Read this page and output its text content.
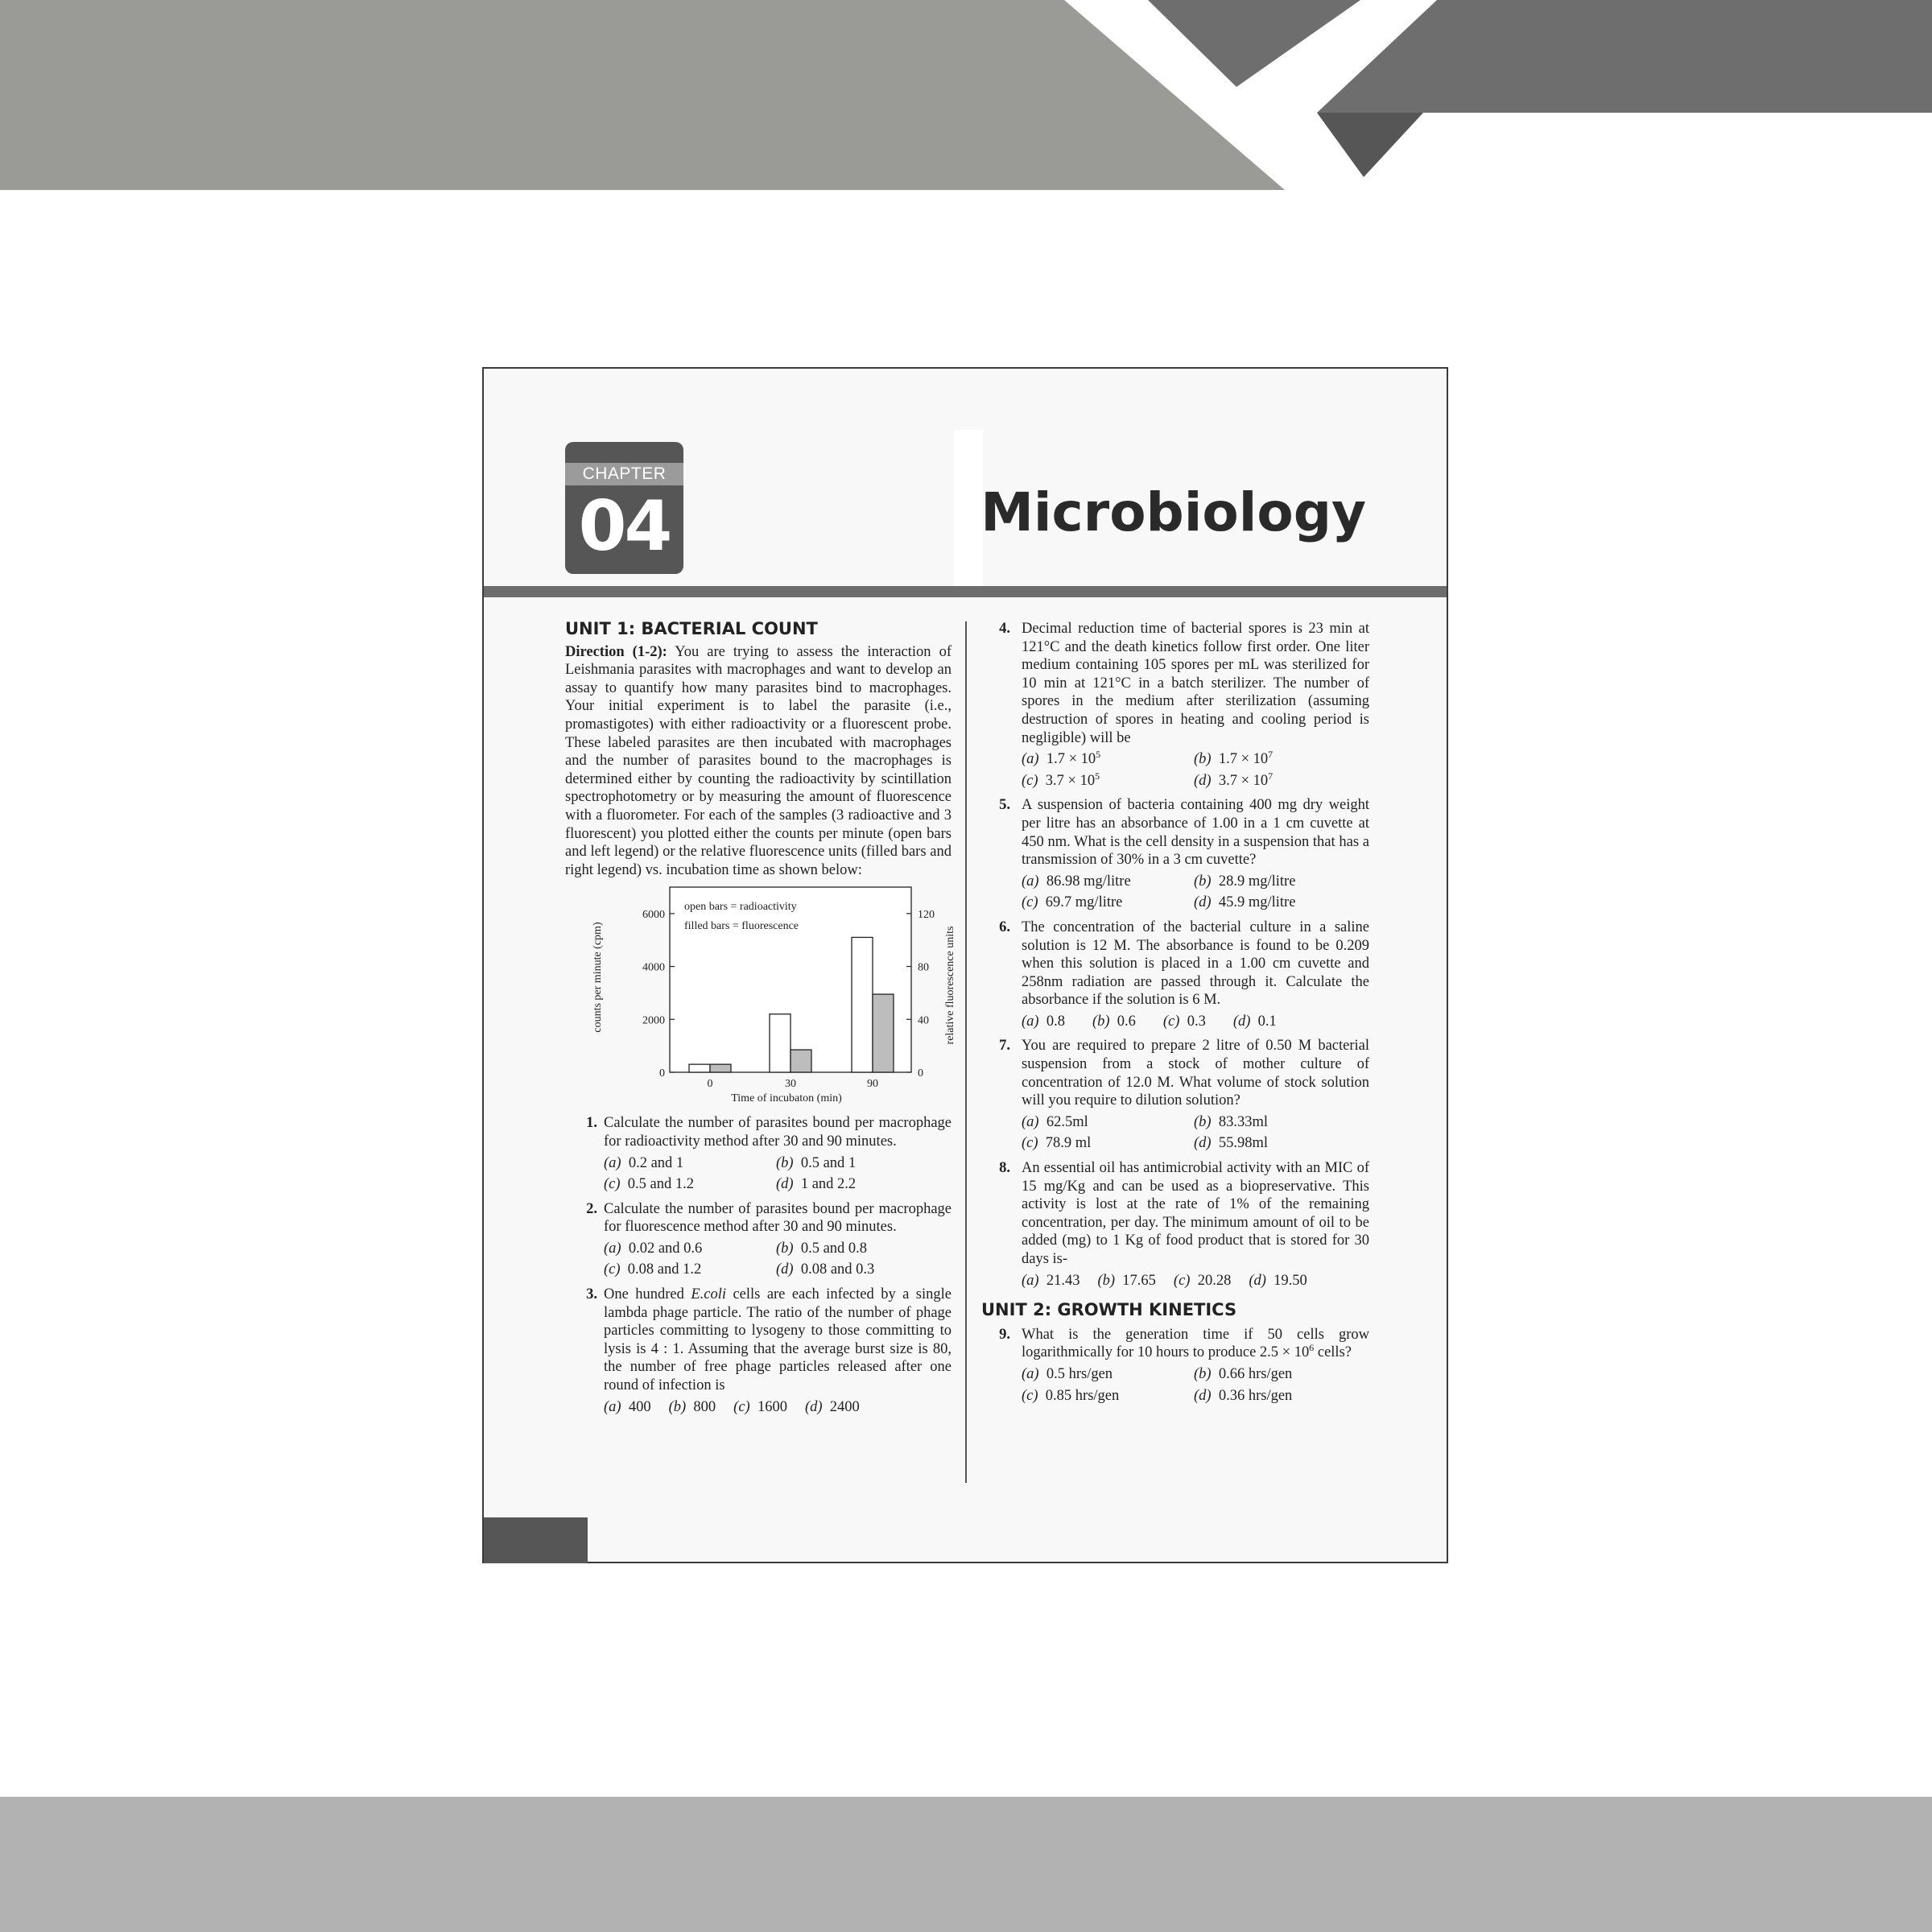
CHAPTER
04	Microbiology
UNIT 1: BACTERIAL COUNT

Direction (1-2): You are trying to assess the interaction of Leishmania parasites with macrophages and want to develop an assay to quantify how many parasites bind to macrophages. Your initial experiment is to label the parasite (i.e., promastigotes) with either radioactivity or a fluorescent probe. These labeled parasites are then incubated with macrophages and the number of parasites bound to the macrophages is determined either by counting the radioactivity by scintillation spectrophotometry or by measuring the amount of fluorescence with a fluorometer. For each of the samples (3 radioactive and 3 fluorescent) you plotted either the counts per minute (open bars and left legend) or the relative fluorescence units (filled bars and right legend) vs. incubation time as shown below:

0	30	90
0
2000
4000
6000
0
40
80
120
open bars = radioactivity
filled bars = fluorescence
Time of incubaton (min)
counts per minute (cpm)	relative fluorescence units
1. Calculate the number of parasites bound per macrophage for radioactivity method after 30 and 90 minutes.
(a) 0.2 and 1	(b) 0.5 and 1
(c) 0.5 and 1.2	(d) 1 and 2.2
2. Calculate the number of parasites bound per macrophage for fluorescence method after 30 and 90 minutes.
(a) 0.02 and 0.6	(b) 0.5 and 0.8
(c) 0.08 and 1.2	(d) 0.08 and 0.3
3. One hundred E.coli cells are each infected by a single lambda phage particle. The ratio of the number of phage particles committing to lysogeny to those committing to lysis is 4 : 1. Assuming that the average burst size is 80, the number of free phage particles released after one round of infection is
(a) 400 (b) 800 (c) 1600 (d) 2400
4. Decimal reduction time of bacterial spores is 23 min at 121°C and the death kinetics follow first order. One liter medium containing 105 spores per mL was sterilized for 10 min at 121°C in a batch sterilizer. The number of spores in the medium after sterilization (assuming destruction of spores in heating and cooling period is negligible) will be
(a) $1.7 \times 10^5$	(b) $1.7 \times 10^7$
(c) $3.7 \times 10^5$	(d) $3.7 \times 10^7$
5. A suspension of bacteria containing 400 mg dry weight per litre has an absorbance of 1.00 in a 1 cm cuvette at 450 nm. What is the cell density in a suspension that has a transmission of 30% in a 3 cm cuvette?
(a) 86.98 mg/litre	(b) 28.9 mg/litre
(c) 69.7 mg/litre	(d) 45.9 mg/litre
6. The concentration of the bacterial culture in a saline solution is 12 M. The absorbance is found to be 0.209 when this solution is placed in a 1.00 cm cuvette and 258nm radiation are passed through it. Calculate the absorbance if the solution is 6 M.
(a) 0.8 (b) 0.6 (c) 0.3 (d) 0.1
7. You are required to prepare 2 litre of 0.50 M bacterial suspension from a stock of mother culture of concentration of 12.0 M. What volume of stock solution will you require to dilution solution?
(a) 62.5ml	(b) 83.33ml
(c) 78.9 ml	(d) 55.98ml
8. An essential oil has antimicrobial activity with an MIC of 15 mg/Kg and can be used as a biopreservative. This activity is lost at the rate of 1% of the remaining concentration, per day. The minimum amount of oil to be added (mg) to 1 Kg of food product that is stored for 30 days is-
(a) 21.43 (b) 17.65 (c) 20.28 (d) 19.50
UNIT 2: GROWTH KINETICS
9. What is the generation time if 50 cells grow logarithmically for 10 hours to produce $2.5 \times 10^6$ cells?
(a) 0.5 hrs/gen	(b) 0.66 hrs/gen
(c) 0.85 hrs/gen	(d) 0.36 hrs/gen
